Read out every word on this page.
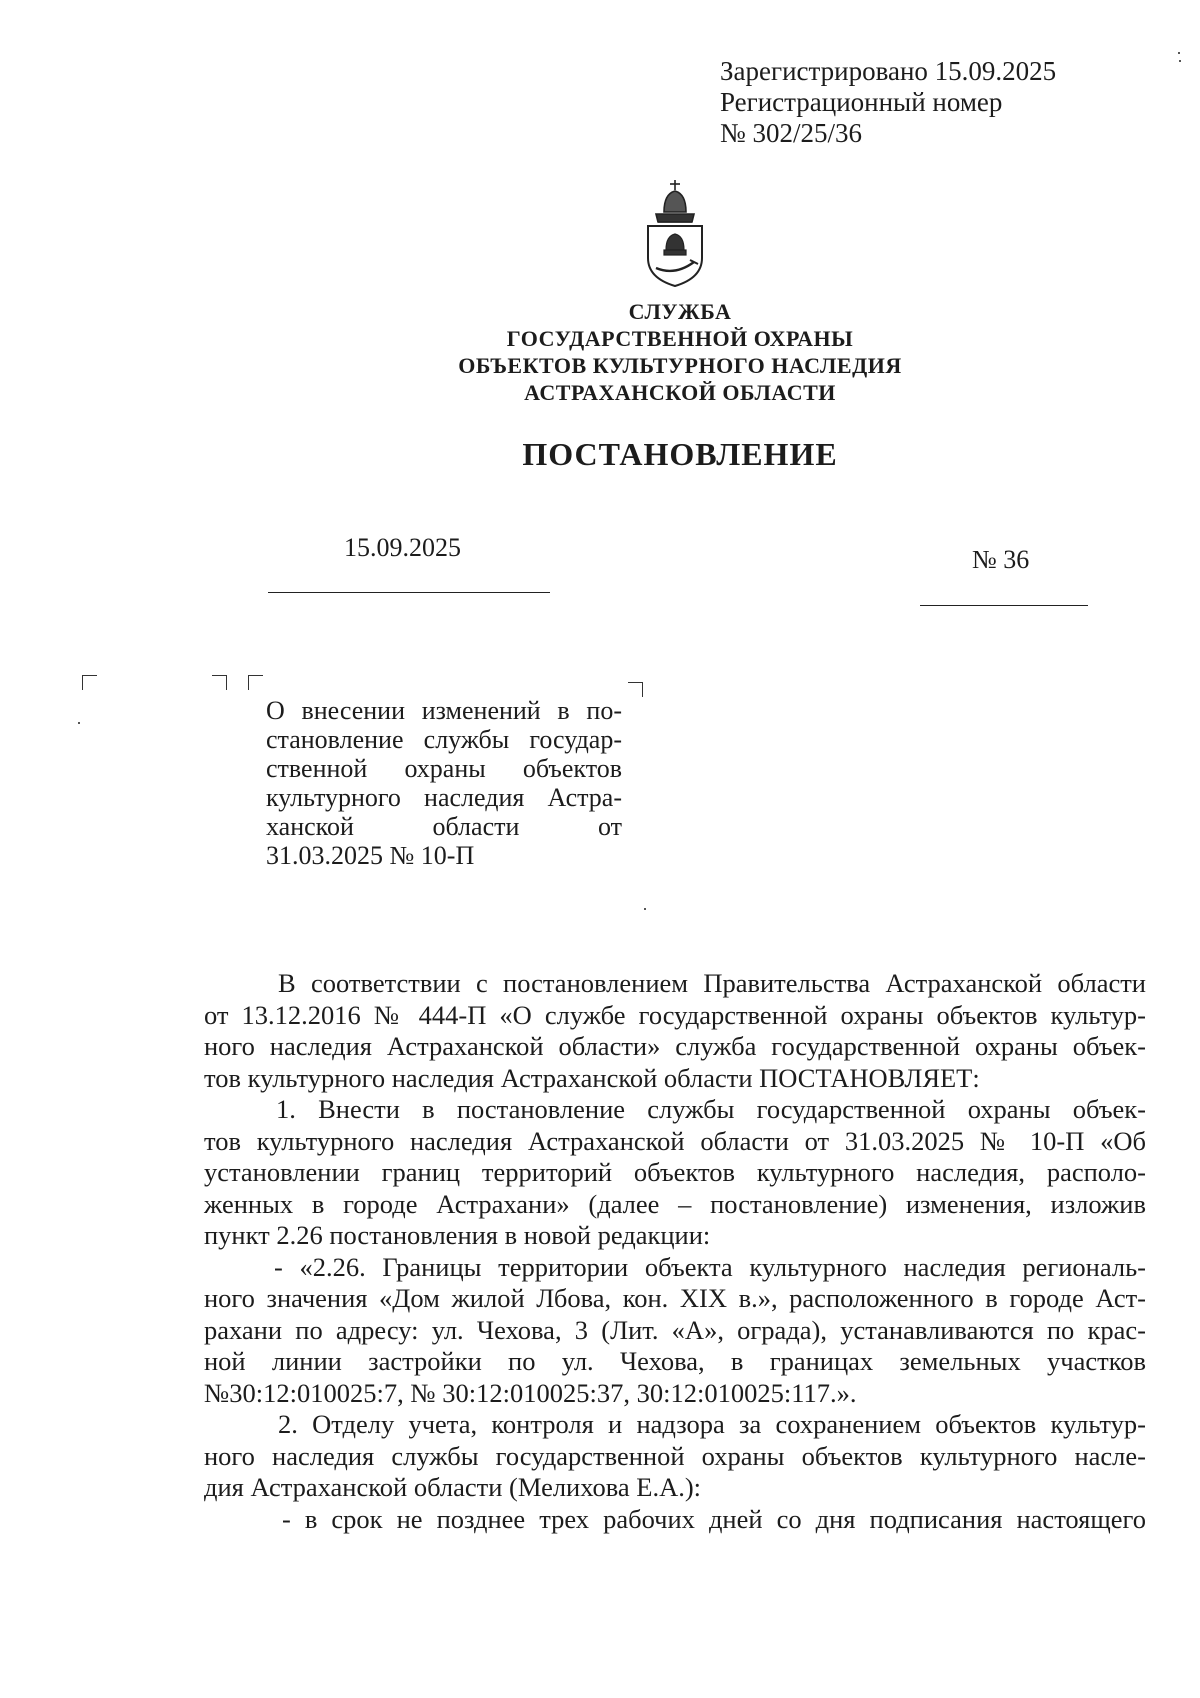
Зарегистрировано 15.09.2025
Регистрационный номер
№ 302/25/36
СЛУЖБА
ГОСУДАРСТВЕННОЙ ОХРАНЫ
ОБЪЕКТОВ КУЛЬТУРНОГО НАСЛЕДИЯ
АСТРАХАНСКОЙ ОБЛАСТИ
ПОСТАНОВЛЕНИЕ
15.09.2025	№ 36
О внесении изменений в по-
становление службы государ-
ственной охраны объектов
культурного наследия Астра-
ханской области от
31.03.2025 № 10-П
В соответствии с постановлением Правительства Астраханской области
от 13.12.2016 № 444-П «О службе государственной охраны объектов культур-
ного наследия Астраханской области» служба государственной охраны объек-
тов культурного наследия Астраханской области ПОСТАНОВЛЯЕТ:
1. Внести в постановление службы государственной охраны объек-
тов культурного наследия Астраханской области от 31.03.2025 № 10-П «Об
установлении границ территорий объектов культурного наследия, располо-
женных в городе Астрахани» (далее – постановление) изменения, изложив
пункт 2.26 постановления в новой редакции:
- «2.26. Границы территории объекта культурного наследия региональ-
ного значения «Дом жилой Лбова, кон. XIX в.», расположенного в городе Аст-
рахани по адресу: ул. Чехова, 3 (Лит. «А», ограда), устанавливаются по крас-
ной линии застройки по ул. Чехова, в границах земельных участков
№30:12:010025:7, № 30:12:010025:37, 30:12:010025:117.».
2. Отделу учета, контроля и надзора за сохранением объектов культур-
ного наследия службы государственной охраны объектов культурного насле-
дия Астраханской области (Мелихова Е.А.):
- в срок не позднее трех рабочих дней со дня подписания настоящего
